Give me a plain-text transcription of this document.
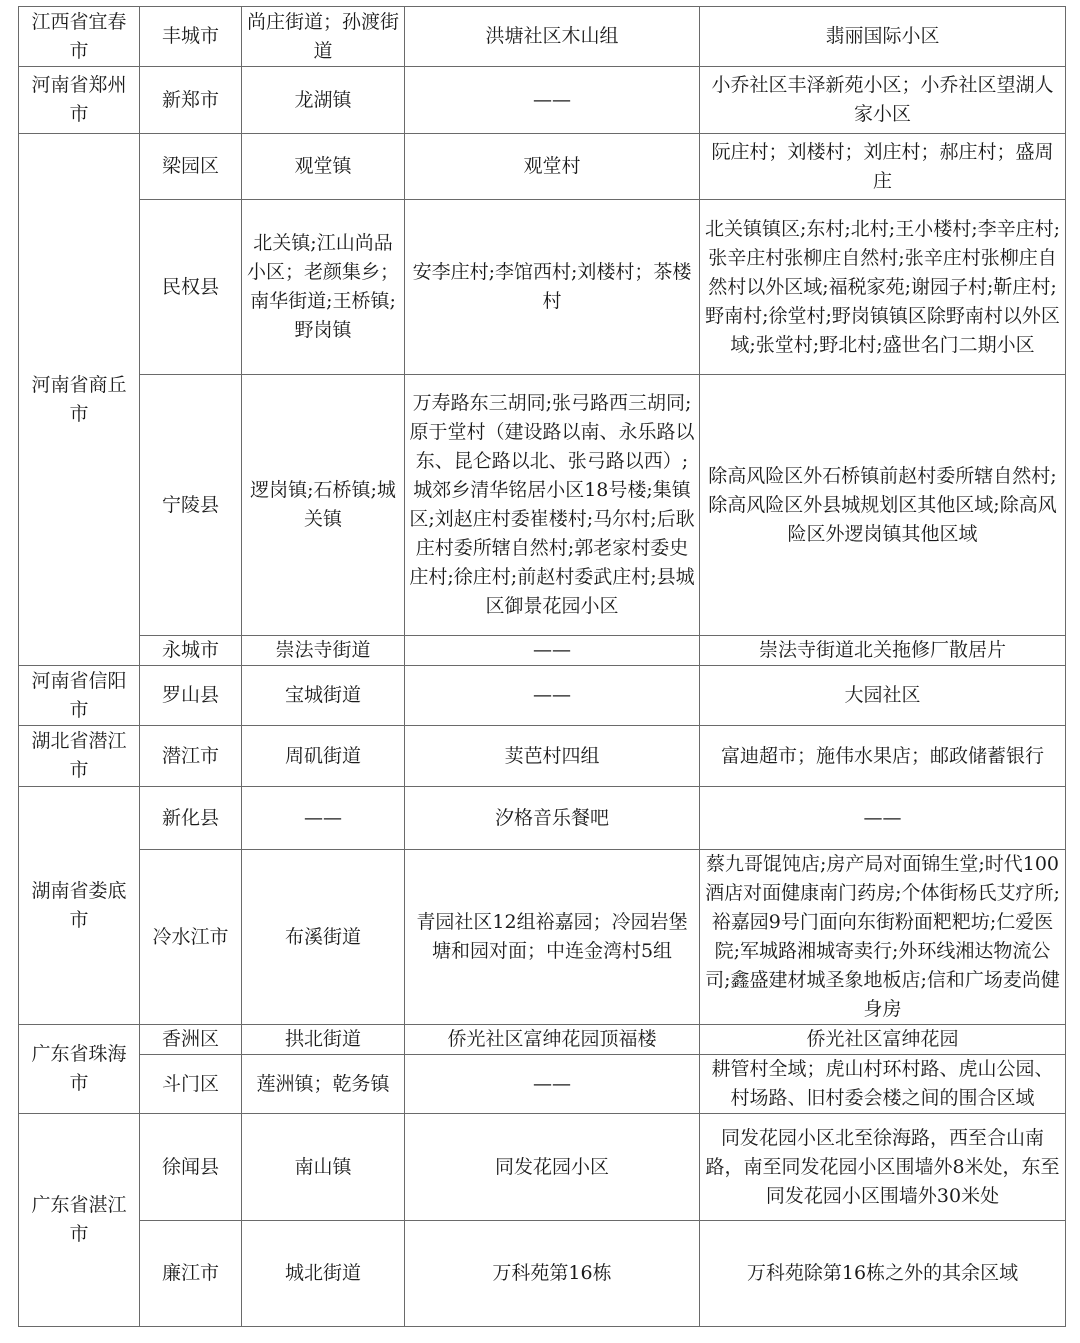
江西省宜春市	丰城市	尚庄街道；孙渡街道	洪塘社区木山组	翡丽国际小区
河南省郑州市	新郑市	龙湖镇	——	小乔社区丰泽新苑小区；小乔社区望湖人家小区
河南省商丘市	梁园区	观堂镇	观堂村	阮庄村；刘楼村；刘庄村；郝庄村；盛周庄
	民权县	北关镇;江山尚品小区；老颜集乡；南华街道;王桥镇;野岗镇	安李庄村;李馆西村;刘楼村；茶楼村	北关镇镇区;东村;北村;王小楼村;李辛庄村;张辛庄村张柳庄自然村;张辛庄村张柳庄自然村以外区域;福税家苑;谢园子村;靳庄村;野南村;徐堂村;野岗镇镇区除野南村以外区域;张堂村;野北村;盛世名门二期小区
	宁陵县	逻岗镇;石桥镇;城关镇	万寿路东三胡同;张弓路西三胡同;原于堂村（建设路以南、永乐路以东、昆仑路以北、张弓路以西）;城郊乡清华铭居小区18号楼;集镇区;刘赵庄村委崔楼村;马尔村;后耿庄村委所辖自然村;郭老家村委史庄村;徐庄村;前赵村委武庄村;县城区御景花园小区	除高风险区外石桥镇前赵村委所辖自然村;除高风险区外县城规划区其他区域;除高风险区外逻岗镇其他区域
	永城市	崇法寺街道	——	崇法寺街道北关拖修厂散居片
河南省信阳市	罗山县	宝城街道	——	大园社区
湖北省潜江市	潜江市	周矶街道	荬芭村四组	富迪超市；施伟水果店；邮政储蓄银行
湖南省娄底市	新化县	——	汐格音乐餐吧	——
	冷水江市	布溪街道	青园社区12组裕嘉园；冷园岩堡塘和园对面；中连金湾村5组	蔡九哥馄饨店;房产局对面锦生堂;时代100酒店对面健康南门药房;个体街杨氏艾疗所;裕嘉园9号门面向东街粉面粑粑坊;仁爱医院;军城路湘城寄卖行;外环线湘达物流公司;鑫盛建材城圣象地板店;信和广场麦尚健身房
广东省珠海市	香洲区	拱北街道	侨光社区富绅花园顶福楼	侨光社区富绅花园
	斗门区	莲洲镇；乾务镇	——	耕管村全域；虎山村环村路、虎山公园、村场路、旧村委会楼之间的围合区域
广东省湛江市	徐闻县	南山镇	同发花园小区	同发花园小区北至徐海路，西至合山南路，南至同发花园小区围墙外8米处，东至同发花园小区围墙外30米处
	廉江市	城北街道	万科苑第16栋	万科苑除第16栋之外的其余区域
